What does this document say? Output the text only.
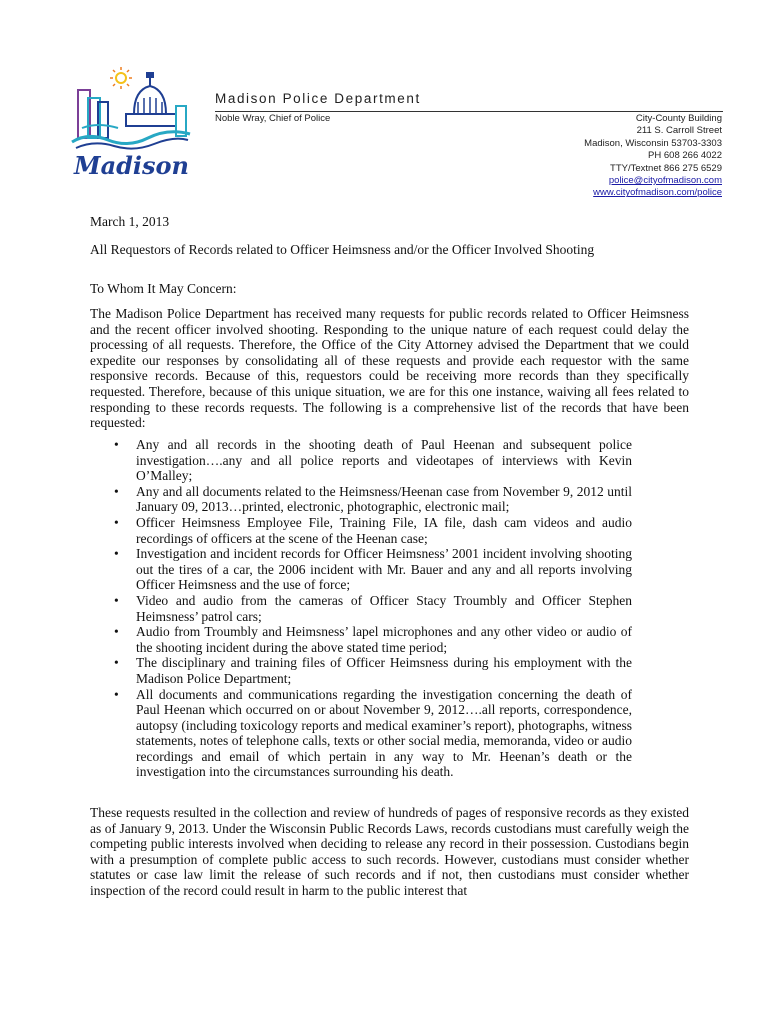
Madison
Madison Police Department
Noble Wray, Chief of Police	City-County Building
211 S. Carroll Street
Madison, Wisconsin 53703-3303
PH 608 266 4022
TTY/Textnet 866 275 6529
police@cityofmadison.com
www.cityofmadison.com/police
March 1, 2013
All Requestors of Records related to Officer Heimsness and/or the Officer Involved Shooting
To Whom It May Concern:
The Madison Police Department has received many requests for public records related to Officer Heimsness and the recent officer involved shooting. Responding to the unique nature of each request could delay the processing of all requests. Therefore, the Office of the City Attorney advised the Department that we could expedite our responses by consolidating all of these requests and provide each requestor with the same responsive records. Because of this, requestors could be receiving more records than they specifically requested. Therefore, because of this unique situation, we are for this one instance, waiving all fees related to responding to these records requests. The following is a comprehensive list of the records that have been requested:
• Any and all records in the shooting death of Paul Heenan and subsequent police investigation….any and all police reports and videotapes of interviews with Kevin O’Malley;
• Any and all documents related to the Heimsness/Heenan case from November 9, 2012 until January 09, 2013…printed, electronic, photographic, electronic mail;
• Officer Heimsness Employee File, Training File, IA file, dash cam videos and audio recordings of officers at the scene of the Heenan case;
• Investigation and incident records for Officer Heimsness’ 2001 incident involving shooting out the tires of a car, the 2006 incident with Mr. Bauer and any and all reports involving Officer Heimsness and the use of force;
• Video and audio from the cameras of Officer Stacy Troumbly and Officer Stephen Heimsness’ patrol cars;
• Audio from Troumbly and Heimsness’ lapel microphones and any other video or audio of the shooting incident during the above stated time period;
• The disciplinary and training files of Officer Heimsness during his employment with the Madison Police Department;
• All documents and communications regarding the investigation concerning the death of Paul Heenan which occurred on or about November 9, 2012….all reports, correspondence, autopsy (including toxicology reports and medical examiner’s report), photographs, witness statements, notes of telephone calls, texts or other social media, memoranda, video or audio recordings and email of which pertain in any way to Mr. Heenan’s death or the investigation into the circumstances surrounding his death.
These requests resulted in the collection and review of hundreds of pages of responsive records as they existed as of January 9, 2013. Under the Wisconsin Public Records Laws, records custodians must carefully weigh the competing public interests involved when deciding to release any record in their possession. Custodians begin with a presumption of complete public access to such records. However, custodians must consider whether statutes or case law limit the release of such records and if not, then custodians must consider whether inspection of the record could result in harm to the public interest that
